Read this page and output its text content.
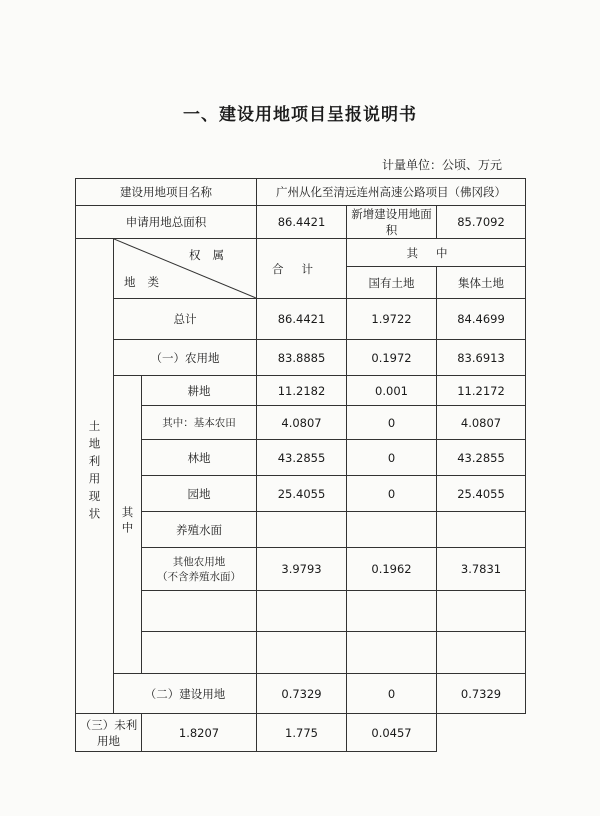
一、建设用地项目呈报说明书
计量单位：公顷、万元
建设用地项目名称			广州从化至清远连州高速公路项目（佛冈段）		
申请用地总面积			86.4421	新增建设用地面积	85.7092
土地利用现状	权属
地类		合计	其中	
				国有土地	集体土地
	总计		86.4421	1.9722	84.4699
	（一）农用地		83.8885	0.1972	83.6913
	其中	耕地	11.2182	0.001	11.2172
		其中：基本农田	4.0807	0	4.0807
		林地	43.2855	0	43.2855
		园地	25.4055	0	25.4055
		养殖水面			

		其他农用地
（不含养殖水面）	3.9793	0.1962	3.7831

	（二）建设用地		0.7329	0	0.7329
（三）未利用地		1.8207	1.775	0.0457	
